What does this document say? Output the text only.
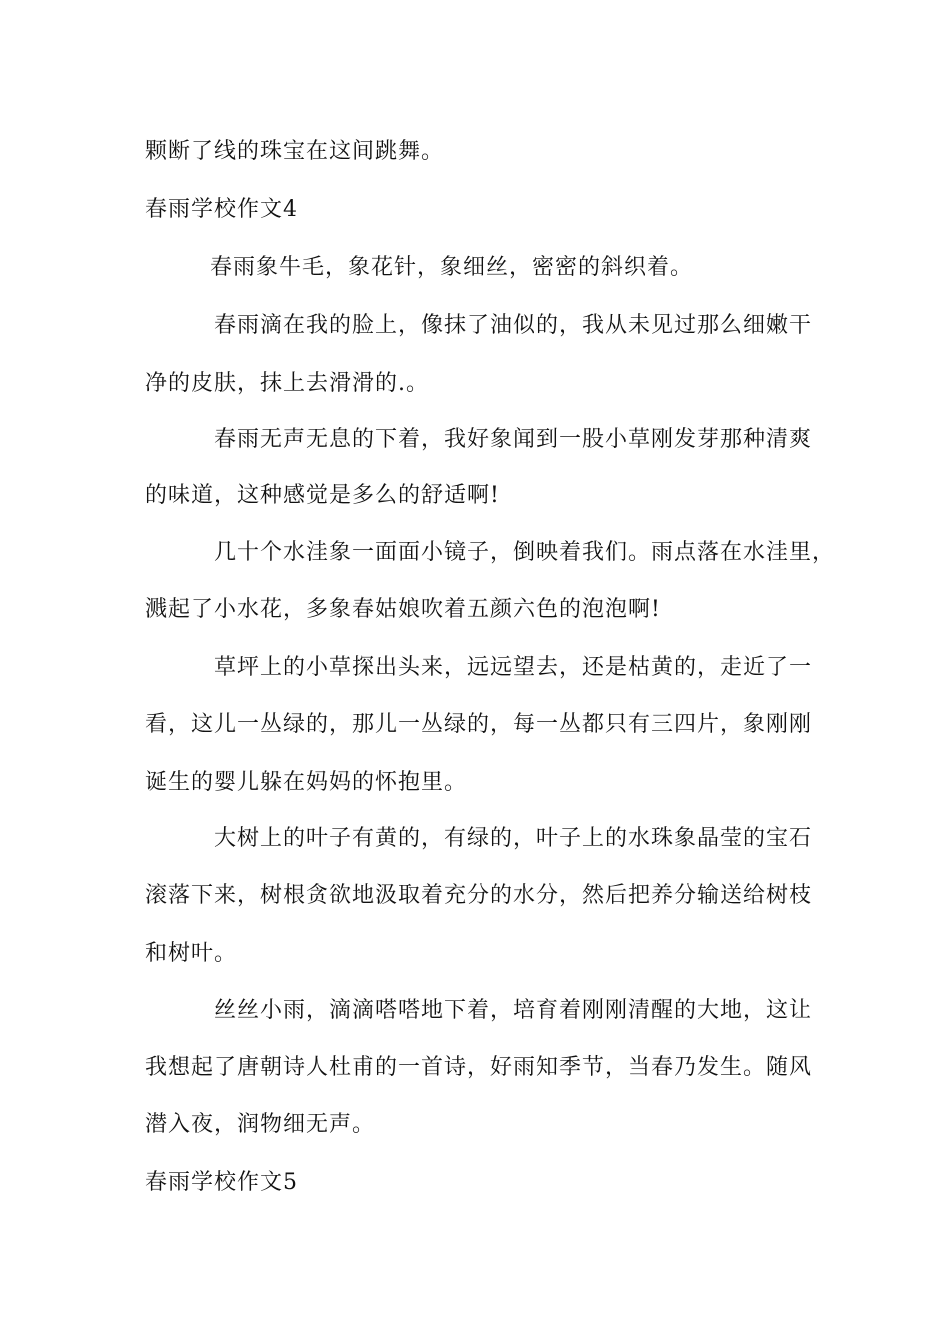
颗断了线的珠宝在这间跳舞。
春雨学校作文4
春雨象牛毛，象花针，象细丝，密密的斜织着。
春雨滴在我的脸上，像抹了油似的，我从未见过那么细嫩干
净的皮肤，抹上去滑滑的.。
春雨无声无息的下着，我好象闻到一股小草刚发芽那种清爽
的味道，这种感觉是多么的舒适啊!
几十个水洼象一面面小镜子，倒映着我们。雨点落在水洼里，
溅起了小水花，多象春姑娘吹着五颜六色的泡泡啊!
草坪上的小草探出头来，远远望去，还是枯黄的，走近了一
看，这儿一丛绿的，那儿一丛绿的，每一丛都只有三四片，象刚刚
诞生的婴儿躲在妈妈的怀抱里。
大树上的叶子有黄的，有绿的，叶子上的水珠象晶莹的宝石
滚落下来，树根贪欲地汲取着充分的水分，然后把养分输送给树枝
和树叶。
丝丝小雨，滴滴嗒嗒地下着，培育着刚刚清醒的大地，这让
我想起了唐朝诗人杜甫的一首诗，好雨知季节，当春乃发生。随风
潜入夜，润物细无声。
春雨学校作文5
